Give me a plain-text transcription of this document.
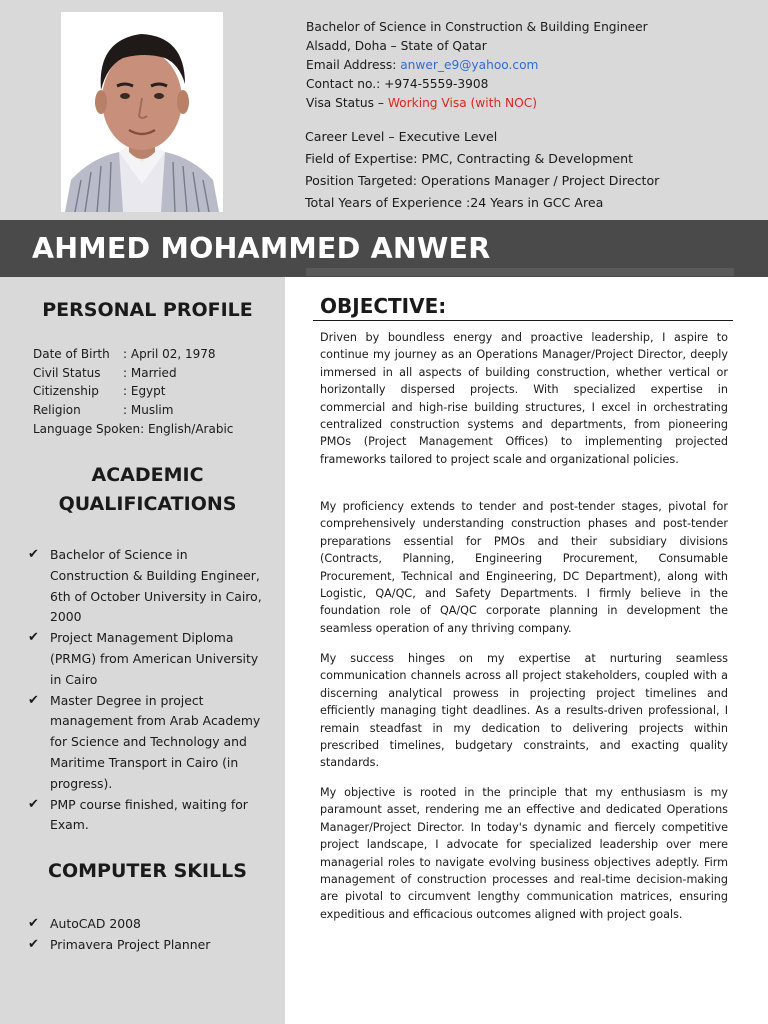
Bachelor of Science in Construction & Building Engineer
Alsadd, Doha – State of Qatar
Email Address: anwer_e9@yahoo.com
Contact no.: +974-5559-3908
Visa Status – Working Visa (with NOC)
Career Level – Executive Level
Field of Expertise: PMC, Contracting & Development
Position Targeted: Operations Manager / Project Director
Total Years of Experience :24 Years in GCC Area
AHMED MOHAMMED ANWER
PERSONAL PROFILE
Date of Birth : April 02, 1978
Civil Status : Married
Citizenship : Egypt
Religion	: Muslim
Language Spoken: English/Arabic
ACADEMIC
QUALIFICATIONS
✔ Bachelor of Science in Construction & Building Engineer, 6th of October University in Cairo, 2000
✔ Project Management Diploma (PRMG) from American University in Cairo
✔ Master Degree in project management from Arab Academy for Science and Technology and Maritime Transport in Cairo (in progress).
✔ PMP course finished, waiting for Exam.
COMPUTER SKILLS
✔ AutoCAD 2008
✔ Primavera Project Planner
OBJECTIVE:

Driven by boundless energy and proactive leadership, I aspire to continue my journey as an Operations Manager/Project Director, deeply immersed in all aspects of building construction, whether vertical or horizontally dispersed projects. With specialized expertise in commercial and high-rise building structures, I excel in orchestrating centralized construction systems and departments, from pioneering PMOs (Project Management Offices) to implementing projected frameworks tailored to project scale and organizational policies.

My proficiency extends to tender and post-tender stages, pivotal for comprehensively understanding construction phases and post-tender preparations essential for PMOs and their subsidiary divisions (Contracts, Planning, Engineering Procurement, Consumable Procurement, Technical and Engineering, DC Department), along with Logistic, QA/QC, and Safety Departments. I firmly believe in the foundation role of QA/QC corporate planning in development the seamless operation of any thriving company.

My success hinges on my expertise at nurturing seamless communication channels across all project stakeholders, coupled with a discerning analytical prowess in projecting project timelines and efficiently managing tight deadlines. As a results-driven professional, I remain steadfast in my dedication to delivering projects within prescribed timelines, budgetary constraints, and exacting quality standards.

My objective is rooted in the principle that my enthusiasm is my paramount asset, rendering me an effective and dedicated Operations Manager/Project Director. In today's dynamic and fiercely competitive project landscape, I advocate for specialized leadership over mere managerial roles to navigate evolving business objectives adeptly. Firm management of construction processes and real-time decision-making are pivotal to circumvent lengthy communication matrices, ensuring expeditious and efficacious outcomes aligned with project goals.
